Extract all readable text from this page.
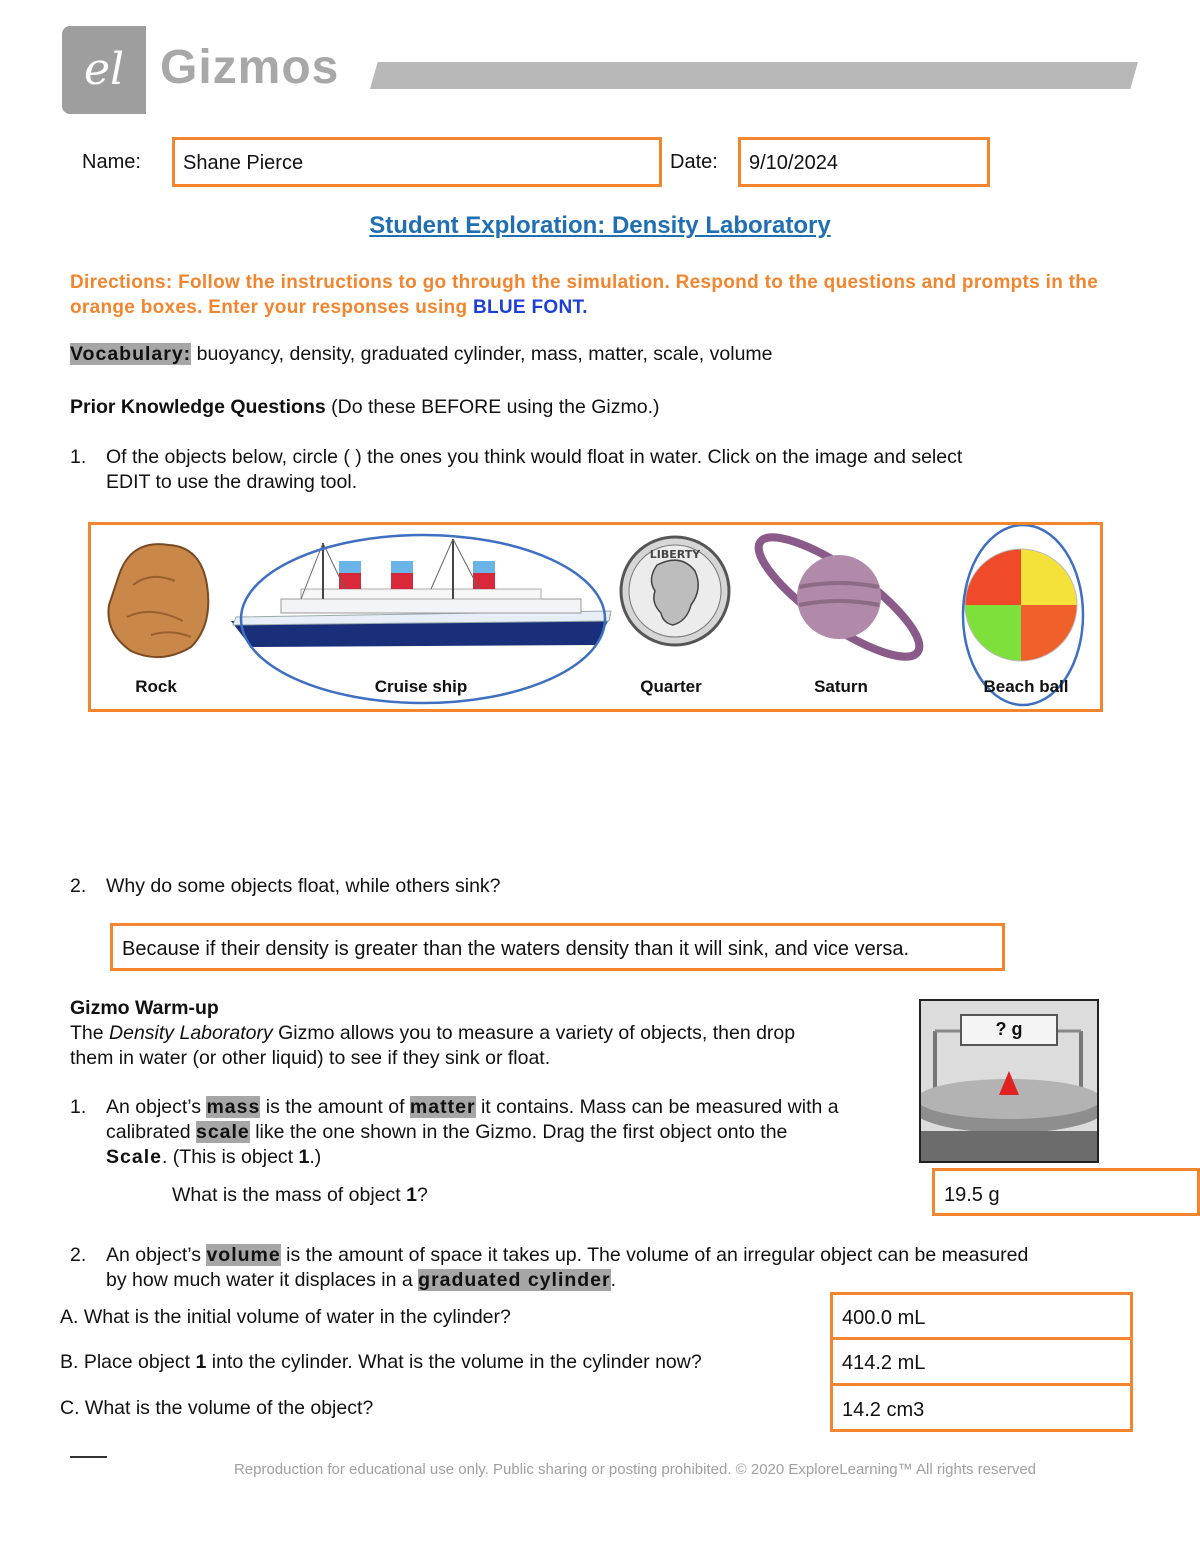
el Gizmos
Name: Shane Pierce	Date: 9/10/2024
Student Exploration: Density Laboratory
Directions: Follow the instructions to go through the simulation. Respond to the questions and prompts in the orange boxes. Enter your responses using BLUE FONT.
Vocabulary: buoyancy, density, graduated cylinder, mass, matter, scale, volume
Prior Knowledge Questions (Do these BEFORE using the Gizmo.)
1.	Of the objects below, circle ( ) the ones you think would float in water. Click on the image and select
EDIT to use the drawing tool.
LIBERTY
Rock	Cruise ship	Quarter	Saturn	Beach ball
2.	Why do some objects float, while others sink?
Because if their density is greater than the waters density than it will sink, and vice versa.
Gizmo Warm-up
The Density Laboratory Gizmo allows you to measure a variety of objects, then drop
them in water (or other liquid) to see if they sink or float.
? g
1.	An object’s mass is the amount of matter it contains. Mass can be measured with a
calibrated scale like the one shown in the Gizmo. Drag the first object onto the
Scale. (This is object 1.)
What is the mass of object 1?	19.5 g
2.	An object’s volume is the amount of space it takes up. The volume of an irregular object can be measured
by how much water it displaces in a graduated cylinder.
A. What is the initial volume of water in the cylinder?	400.0 mL
B. Place object 1 into the cylinder. What is the volume in the cylinder now?	414.2 mL
C. What is the volume of the object?	14.2 cm3
Reproduction for educational use only. Public sharing or posting prohibited. © 2020 ExploreLearning™ All rights reserved
